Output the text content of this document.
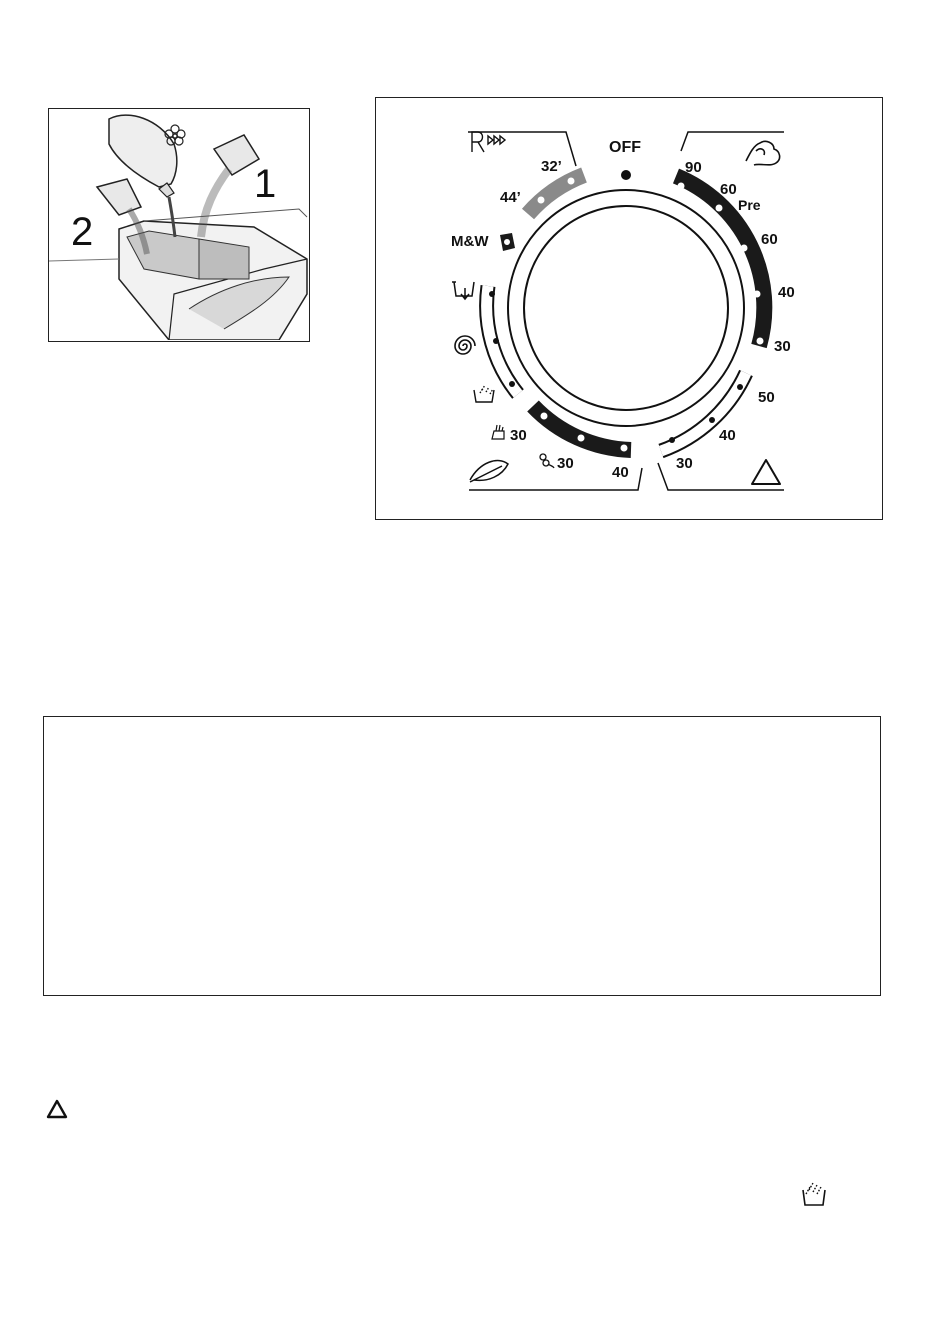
1
2
OFF
90
60
Pre
60
40
30
50
40
30
30
30
40
M&W
44’
32’
